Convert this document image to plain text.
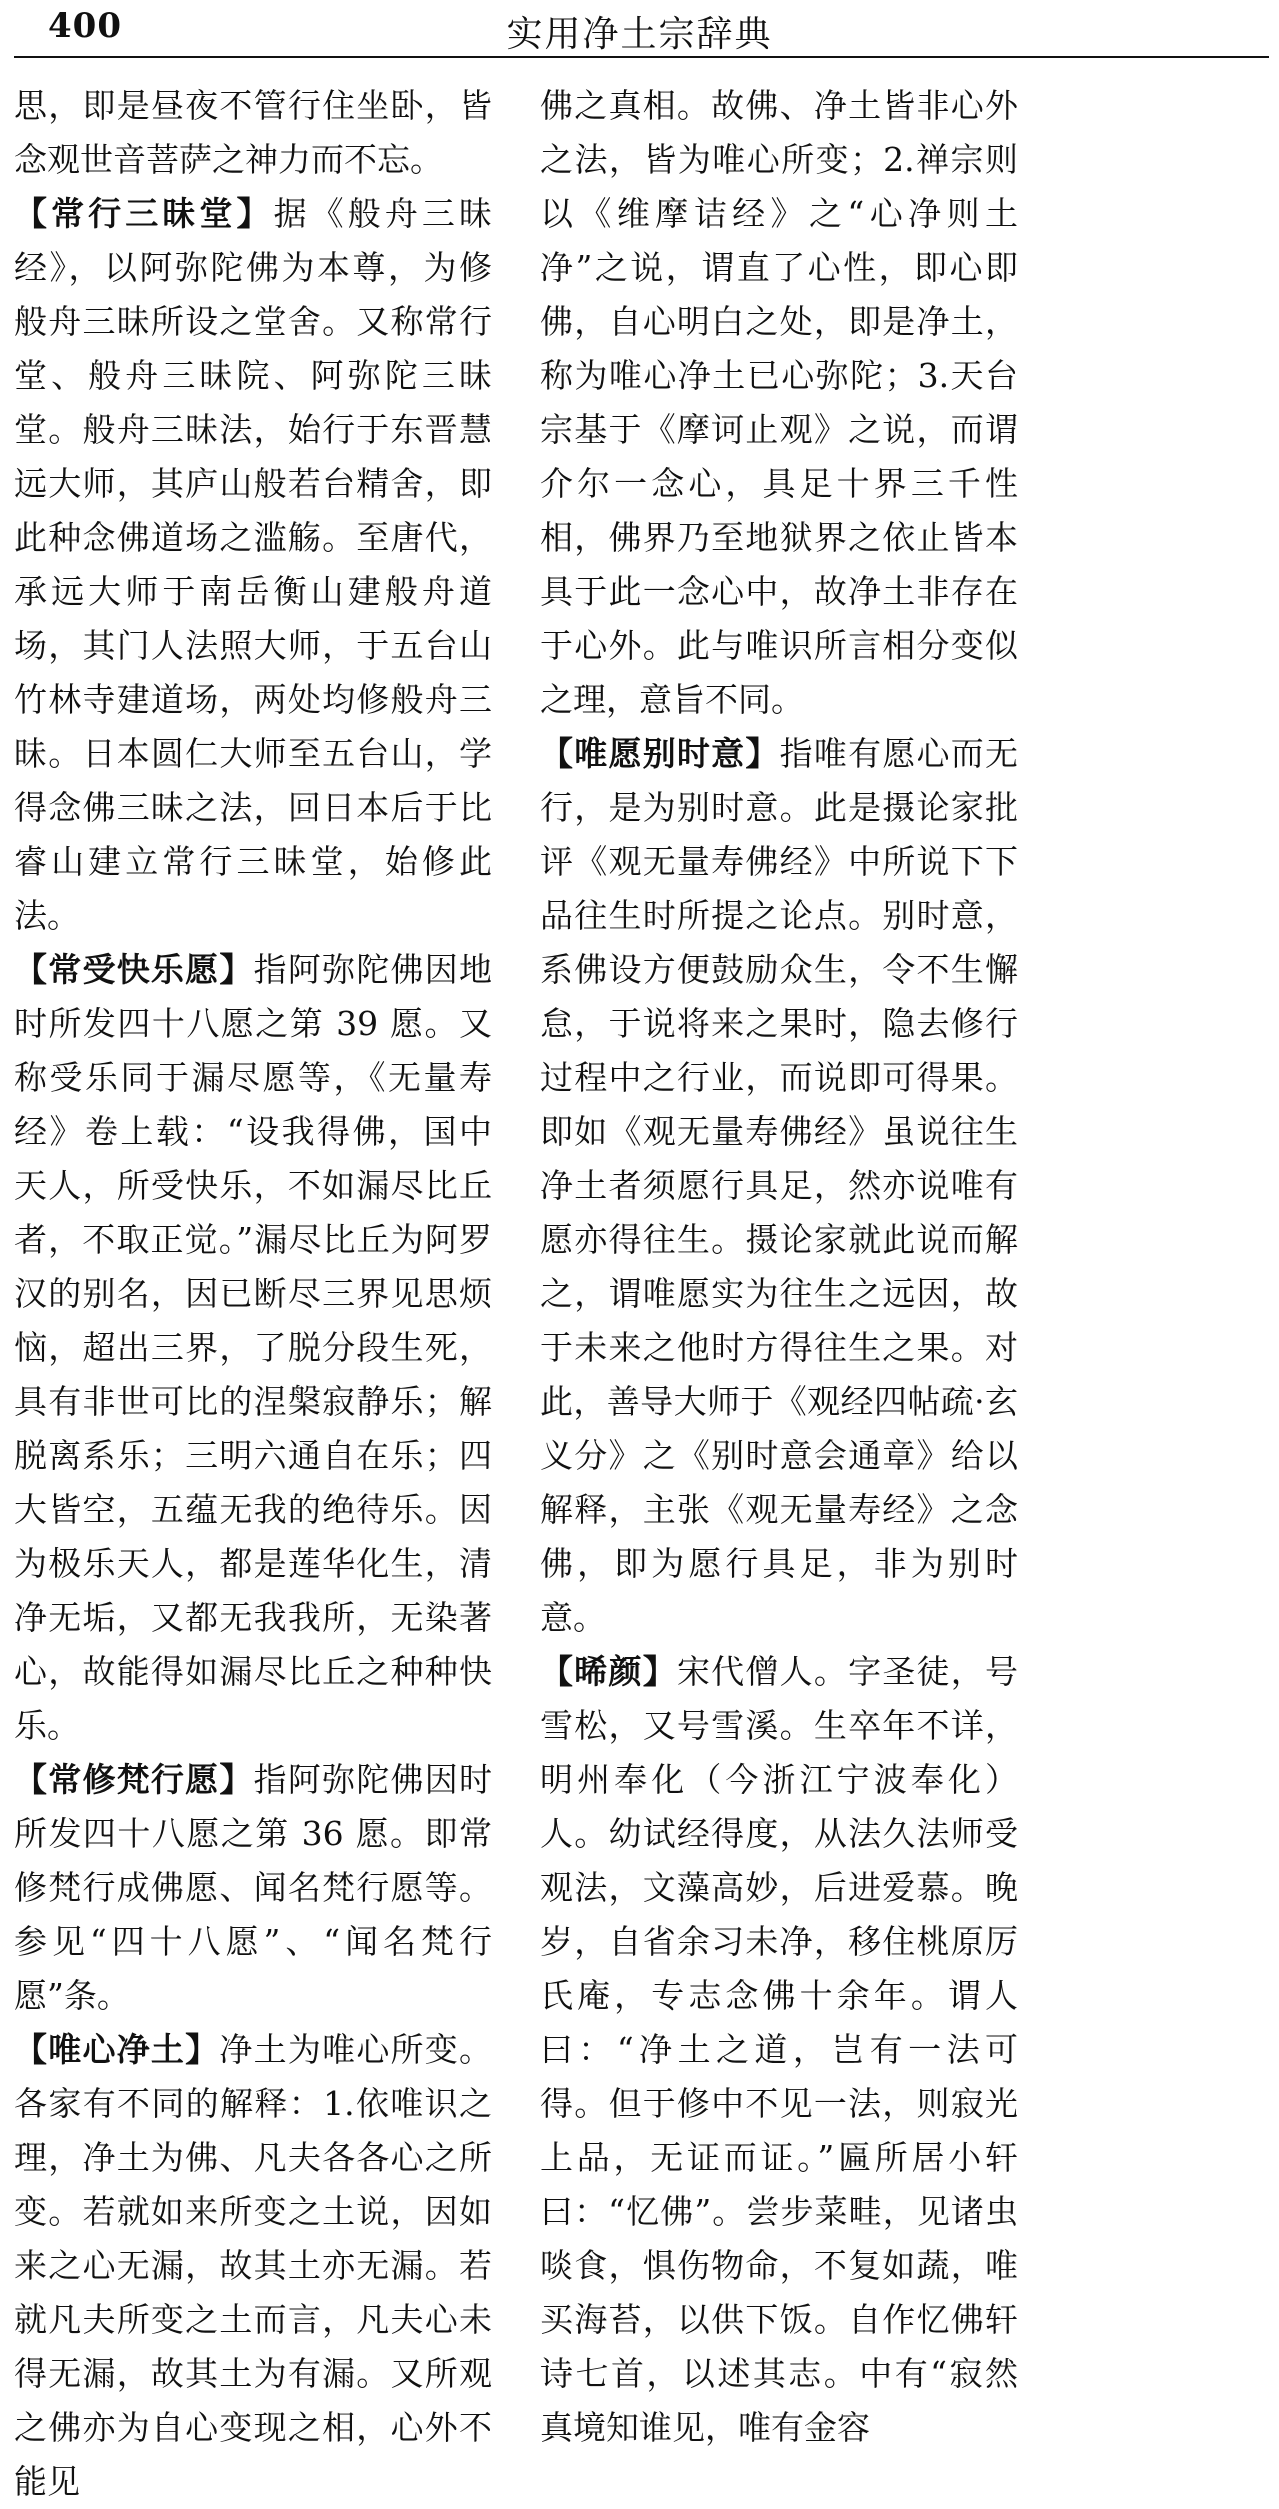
400	实用净土宗辞典

思，即是昼夜不管行住坐卧，皆念观世音菩萨之神力而不忘。

【常行三昧堂】据《般舟三昧经》，以阿弥陀佛为本尊，为修般舟三昧所设之堂舍。又称常行堂、般舟三昧院、阿弥陀三昧堂。般舟三昧法，始行于东晋慧远大师，其庐山般若台精舍，即此种念佛道场之滥觞。至唐代，承远大师于南岳衡山建般舟道场，其门人法照大师，于五台山竹林寺建道场，两处均修般舟三昧。日本圆仁大师至五台山，学得念佛三昧之法，回日本后于比睿山建立常行三昧堂，始修此法。

【常受快乐愿】指阿弥陀佛因地时所发四十八愿之第 39 愿。又称受乐同于漏尽愿等，《无量寿经》卷上载：“设我得佛，国中天人，所受快乐，不如漏尽比丘者，不取正觉。”漏尽比丘为阿罗汉的别名，因已断尽三界见思烦恼，超出三界，了脱分段生死，具有非世可比的涅槃寂静乐；解脱离系乐；三明六通自在乐；四大皆空，五蕴无我的绝待乐。因为极乐天人，都是莲华化生，清净无垢，又都无我我所，无染著心，故能得如漏尽比丘之种种快乐。

【常修梵行愿】指阿弥陀佛因时所发四十八愿之第 36 愿。即常修梵行成佛愿、闻名梵行愿等。参见“四十八愿”、“闻名梵行愿”条。

【唯心净土】净土为唯心所变。各家有不同的解释：1.依唯识之理，净土为佛、凡夫各各心之所变。若就如来所变之土说，因如来之心无漏，故其土亦无漏。若就凡夫所变之土而言，凡夫心未得无漏，故其土为有漏。又所观之佛亦为自心变现之相，心外不能见

佛之真相。故佛、净土皆非心外之法，皆为唯心所变；2.禅宗则以《维摩诘经》之“心净则土净”之说，谓直了心性，即心即佛，自心明白之处，即是净土，称为唯心净土已心弥陀；3.天台宗基于《摩诃止观》之说，而谓介尔一念心，具足十界三千性相，佛界乃至地狱界之依止皆本具于此一念心中，故净土非存在于心外。此与唯识所言相分变似之理，意旨不同。

【唯愿别时意】指唯有愿心而无行，是为别时意。此是摄论家批评《观无量寿佛经》中所说下下品往生时所提之论点。别时意，系佛设方便鼓励众生，令不生懈怠，于说将来之果时，隐去修行过程中之行业，而说即可得果。即如《观无量寿佛经》虽说往生净土者须愿行具足，然亦说唯有愿亦得往生。摄论家就此说而解之，谓唯愿实为往生之远因，故于未来之他时方得往生之果。对此，善导大师于《观经四帖疏·玄义分》之《别时意会通章》给以解释，主张《观无量寿经》之念佛，即为愿行具足，非为别时意。

【晞颜】宋代僧人。字圣徒，号雪松，又号雪溪。生卒年不详，明州奉化（今浙江宁波奉化）人。幼试经得度，从法久法师受观法，文藻高妙，后进爱慕。晚岁，自省余习未净，移住桃原厉氏庵，专志念佛十余年。谓人曰：“净土之道，岂有一法可得。但于修中不见一法，则寂光上品，无证而证。”匾所居小轩曰：“忆佛”。尝步菜畦，见诸虫啖食，惧伤物命，不复如蔬，唯买海苔，以供下饭。自作忆佛轩诗七首，以述其志。中有“寂然真境知谁见，唯有金容
